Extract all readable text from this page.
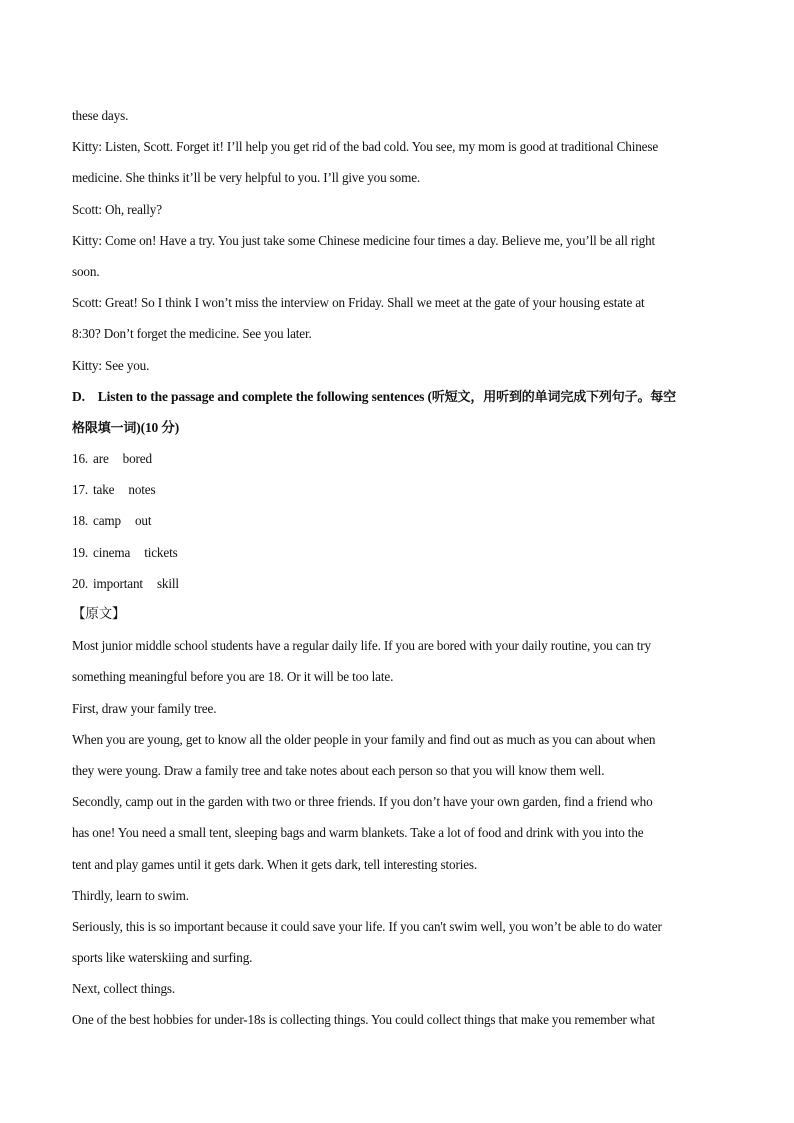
these days.
Kitty: Listen, Scott. Forget it! I’ll help you get rid of the bad cold. You see, my mom is good at traditional Chinese
medicine. She thinks it’ll be very helpful to you. I’ll give you some.
Scott: Oh, really?
Kitty: Come on! Have a try. You just take some Chinese medicine four times a day. Believe me, you’ll be all right
soon.
Scott: Great! So I think I won’t miss the interview on Friday. Shall we meet at the gate of your housing estate at
8:30? Don’t forget the medicine. See you later.
Kitty: See you.
D. Listen to the passage and complete the following sentences (听短文，用听到的单词完成下列句子。每空
格限填一词)(10 分)
16. are bored
17. take notes
18. camp out
19. cinema tickets
20. important skill
【原文】
Most junior middle school students have a regular daily life. If you are bored with your daily routine, you can try
something meaningful before you are 18. Or it will be too late.
First, draw your family tree.
When you are young, get to know all the older people in your family and find out as much as you can about when
they were young. Draw a family tree and take notes about each person so that you will know them well.
Secondly, camp out in the garden with two or three friends. If you don’t have your own garden, find a friend who
has one! You need a small tent, sleeping bags and warm blankets. Take a lot of food and drink with you into the
tent and play games until it gets dark. When it gets dark, tell interesting stories.
Thirdly, learn to swim.
Seriously, this is so important because it could save your life. If you can't swim well, you won’t be able to do water
sports like waterskiing and surfing.
Next, collect things.
One of the best hobbies for under-18s is collecting things. You could collect things that make you remember what
